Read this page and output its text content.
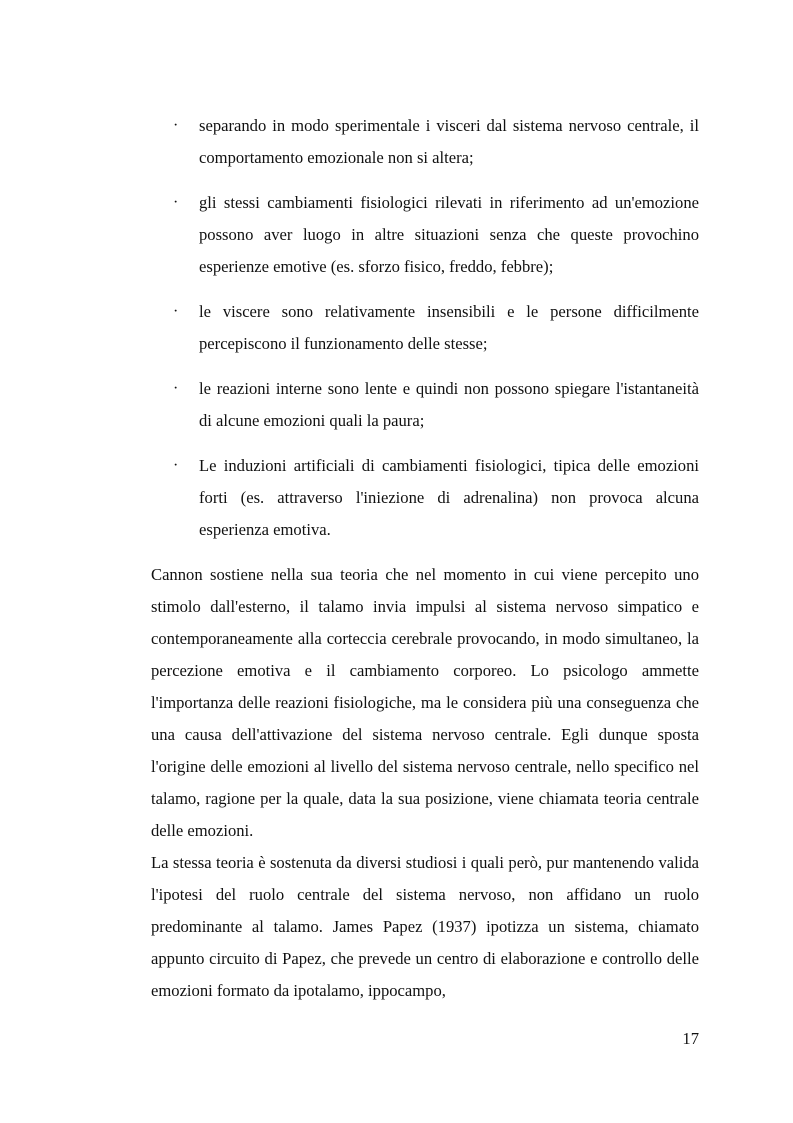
· separando in modo sperimentale i visceri dal sistema nervoso centrale, il comportamento emozionale non si altera;
· gli stessi cambiamenti fisiologici rilevati in riferimento ad un'emozione possono aver luogo in altre situazioni senza che queste provochino esperienze emotive (es. sforzo fisico, freddo, febbre);
· le viscere sono relativamente insensibili e le persone difficilmente percepiscono il funzionamento delle stesse;
· le reazioni interne sono lente e quindi non possono spiegare l'istantaneità di alcune emozioni quali la paura;
· Le induzioni artificiali di cambiamenti fisiologici, tipica delle emozioni forti (es. attraverso l'iniezione di adrenalina) non provoca alcuna esperienza emotiva.

Cannon sostiene nella sua teoria che nel momento in cui viene percepito uno stimolo dall'esterno, il talamo invia impulsi al sistema nervoso simpatico e contemporaneamente alla corteccia cerebrale provocando, in modo simultaneo, la percezione emotiva e il cambiamento corporeo. Lo psicologo ammette l'importanza delle reazioni fisiologiche, ma le considera più una conseguenza che una causa dell'attivazione del sistema nervoso centrale. Egli dunque sposta l'origine delle emozioni al livello del sistema nervoso centrale, nello specifico nel talamo, ragione per la quale, data la sua posizione, viene chiamata teoria centrale delle emozioni.

La stessa teoria è sostenuta da diversi studiosi i quali però, pur mantenendo valida l'ipotesi del ruolo centrale del sistema nervoso, non affidano un ruolo predominante al talamo. James Papez (1937) ipotizza un sistema, chiamato appunto circuito di Papez, che prevede un centro di elaborazione e controllo delle emozioni formato da ipotalamo, ippocampo,

17
